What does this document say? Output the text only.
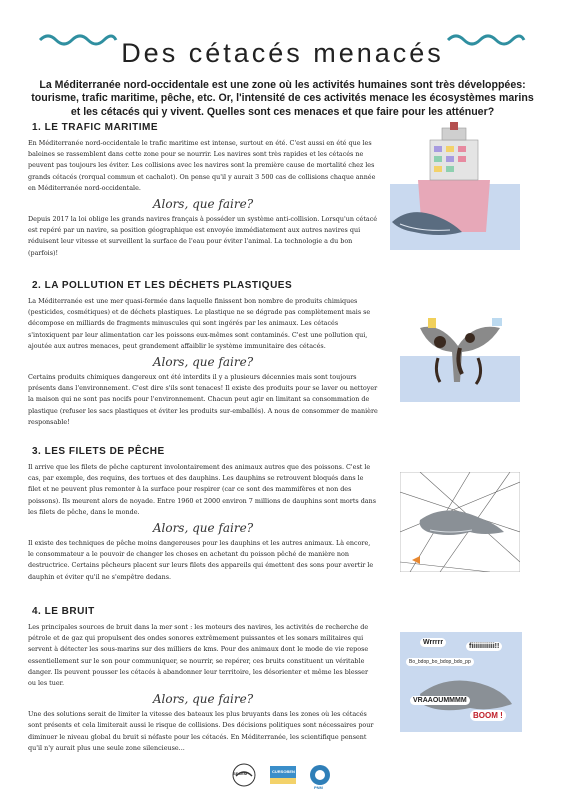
Des cétacés menacés

La Méditerranée nord-occidentale est une zone où les activités humaines sont très développées: tourisme, trafic maritime, pêche, etc. Or, l'intensité de ces activités menace les écosystèmes marins et les cétacés qui y vivent. Quelles sont ces menaces et que faire pour les atténuer?

1. LE TRAFIC MARITIME

En Méditerranée nord-occidentale le trafic maritime est intense, surtout en été. C'est aussi en été que les baleines se rassemblent dans cette zone pour se nourrir. Les navires sont très rapides et les cétacés ne peuvent pas toujours les éviter. Les collisions avec les navires sont la première cause de mortalité chez les grands cétacés (rorqual commun et cachalot). On pense qu'il y aurait 3 500 cas de collisions chaque année en Méditerranée nord-occidentale.

Alors, que faire?

Depuis 2017 la loi oblige les grands navires français à posséder un système anti-collision. Lorsqu'un cétacé est repéré par un navire, sa position géographique est envoyée immédiatement aux autres navires qui réduisent leur vitesse et surveillent la surface de l'eau pour éviter l'animal. La technologie a du bon (parfois)!

2. LA POLLUTION ET LES DÉCHETS PLASTIQUES

La Méditerranée est une mer quasi-fermée dans laquelle finissent bon nombre de produits chimiques (pesticides, cosmétiques) et de déchets plastiques. Le plastique ne se dégrade pas complètement mais se décompose en milliards de fragments minuscules qui sont ingérés par les animaux. Les cétacés s'intoxiquent par leur alimentation car les poissons eux-mêmes sont contaminés. C'est une pollution qui, ajoutée aux autres menaces, peut grandement affaiblir le système immunitaire des cétacés.

Alors, que faire?

Certains produits chimiques dangereux ont été interdits il y a plusieurs décennies mais sont toujours présents dans l'environnement. C'est dire s'ils sont tenaces! Il existe des produits pour se laver ou nettoyer la maison qui ne sont pas nocifs pour l'environnement. Chacun peut agir en limitant sa consommation de plastique (refuser les sacs plastiques et éviter les produits sur-emballés). A nous de consommer de manière responsable!

3. LES FILETS DE PÊCHE

Il arrive que les filets de pêche capturent involontairement des animaux autres que des poissons. C'est le cas, par exemple, des requins, des tortues et des dauphins. Les dauphins se retrouvent bloqués dans le filet et ne peuvent plus remonter à la surface pour respirer (car ce sont des mammifères et non des poissons). Ils meurent alors de noyade. Entre 1960 et 2000 environ 7 millions de dauphins sont morts dans les filets de pêche, dans le monde.

Alors, que faire?

Il existe des techniques de pêche moins dangereuses pour les dauphins et les autres animaux. Là encore, le consommateur a le pouvoir de changer les choses en achetant du poisson pêché de manière non destructrice. Certains pêcheurs placent sur leurs filets des appareils qui émettent des sons pour avertir le dauphin et éviter qu'il ne s'empêtre dedans.

4. LE BRUIT

Les principales sources de bruit dans la mer sont : les moteurs des navires, les activités de recherche de pétrole et de gaz qui propulsent des ondes sonores extrêmement puissantes et les sonars militaires qui servent à détecter les sous-marins sur des milliers de kms. Pour des animaux dont le mode de vie repose essentiellement sur le son pour communiquer, se nourrir, se repérer, ces bruits constituent un véritable danger. Ils peuvent pousser les cétacés à abandonner leur territoire, les désorienter et même les blesser ou les tuer.

Alors, que faire?

Une des solutions serait de limiter la vitesse des bateaux les plus bruyants dans les zones où les cétacés sont présents et cela limiterait aussi le risque de collisions. Des décisions politiques sont nécessaires pour diminuer le niveau global du bruit si néfaste pour les cétacés. En Méditerranée, les scientifique pensent qu'il n'y aurait plus une seule zone silencieuse...

Wrrrrr
fiiiiiiiiiiii!!
Bo_bdop_bo_bdop_bdo_pp
VRAAOUMMMM
BOOM !
SECEM	CURSOBEN
PNM
